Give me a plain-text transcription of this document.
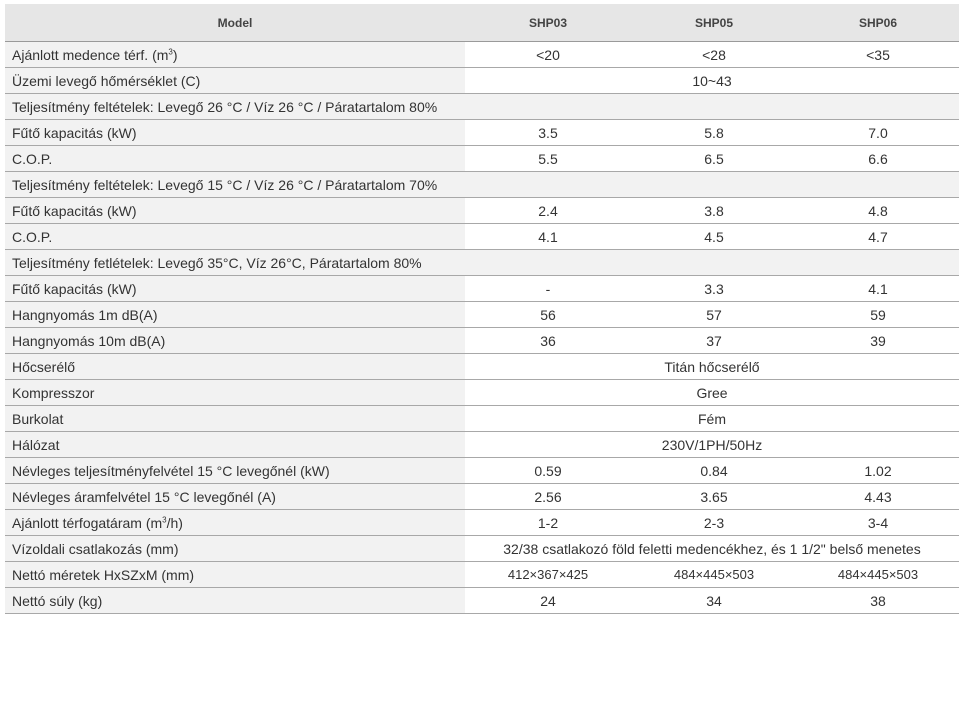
Model	SHP03	SHP05	SHP06
Ajánlott medence térf. $(m^3)$	<20	<28	<35
Üzemi levegő hőmérséklet (C)	10~43		
Teljesítmény feltételek: Levegő 26 °C / Víz 26 °C / Páratartalom 80%			
Fűtő kapacitás (kW)	3.5	5.8	7.0
C.O.P.	5.5	6.5	6.6
Teljesítmény feltételek: Levegő 15 °C / Víz 26 °C / Páratartalom 70%			
Fűtő kapacitás (kW)	2.4	3.8	4.8
C.O.P.	4.1	4.5	4.7
Teljesítmény fetlételek: Levegő 35°C, Víz 26°C, Páratartalom 80%			
Fűtő kapacitás (kW)	-	3.3	4.1
Hangnyomás 1m dB(A)	56	57	59
Hangnyomás 10m dB(A)	36	37	39
Hőcserélő	Titán hőcserélő		
Kompresszor	Gree		
Burkolat	Fém		
Hálózat	230V/1PH/50Hz		
Névleges teljesítményfelvétel 15 °C levegőnél (kW)	0.59	0.84	1.02
Névleges áramfelvétel 15 °C levegőnél (A)	2.56	3.65	4.43
Ajánlott térfogatáram $(m^3/h)$	1-2	2-3	3-4
Vízoldali csatlakozás (mm)	32/38 csatlakozó föld feletti medencékhez, és 1 1/2" belső menetes		
Nettó méretek HxSZxM (mm)	412×367×425	484×445×503	484×445×503
Nettó súly (kg)	24	34	38
